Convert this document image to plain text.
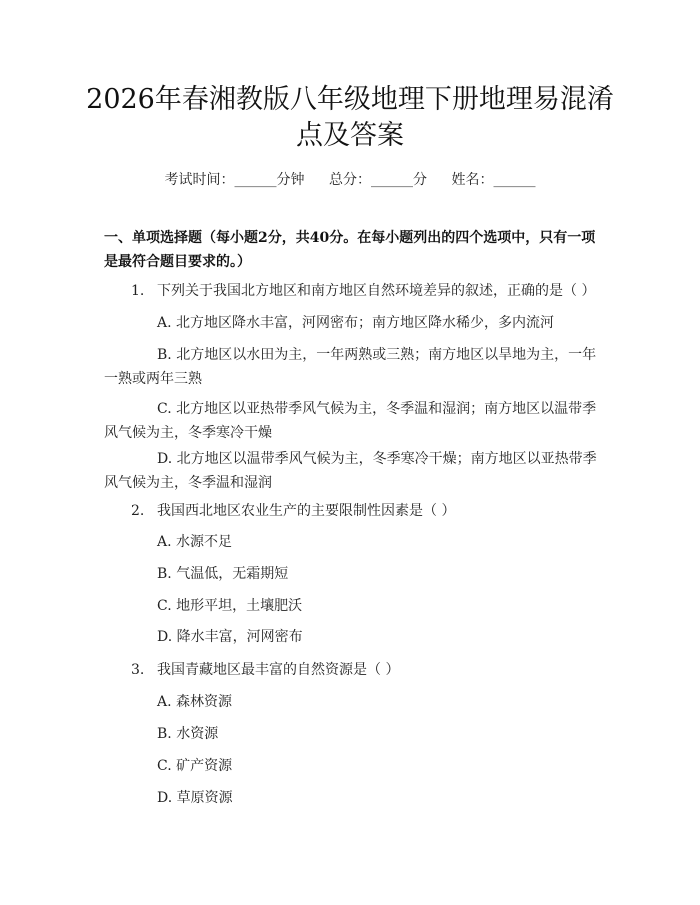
2026年春湘教版八年级地理下册地理易混淆
点及答案
考试时间：______分钟 总分：______分 姓名：______
一、单项选择题（每小题2分，共40分。在每小题列出的四个选项中，只有一项是最符合题目要求的。）
1. 下列关于我国北方地区和南方地区自然环境差异的叙述，正确的是（ ）
A. 北方地区降水丰富，河网密布；南方地区降水稀少，多内流河
B. 北方地区以水田为主，一年两熟或三熟；南方地区以旱地为主，一年一熟或两年三熟
C. 北方地区以亚热带季风气候为主，冬季温和湿润；南方地区以温带季风气候为主，冬季寒冷干燥
D. 北方地区以温带季风气候为主，冬季寒冷干燥；南方地区以亚热带季风气候为主，冬季温和湿润
2. 我国西北地区农业生产的主要限制性因素是（ ）
A. 水源不足
B. 气温低，无霜期短
C. 地形平坦，土壤肥沃
D. 降水丰富，河网密布
3. 我国青藏地区最丰富的自然资源是（ ）
A. 森林资源
B. 水资源
C. 矿产资源
D. 草原资源
